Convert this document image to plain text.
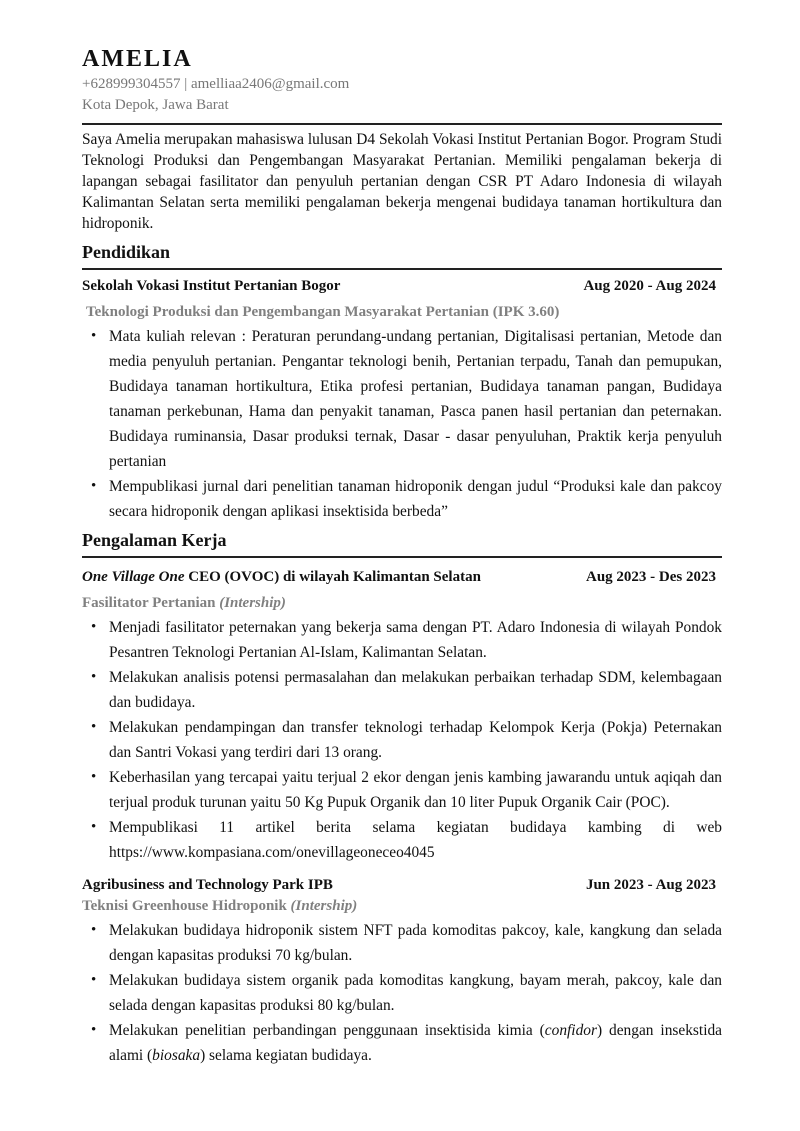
AMELIA
+628999304557 | amelliaa2406@gmail.com
Kota Depok, Jawa Barat

Saya Amelia merupakan mahasiswa lulusan D4 Sekolah Vokasi Institut Pertanian Bogor. Program Studi Teknologi Produksi dan Pengembangan Masyarakat Pertanian. Memiliki pengalaman bekerja di lapangan sebagai fasilitator dan penyuluh pertanian dengan CSR PT Adaro Indonesia di wilayah Kalimantan Selatan serta memiliki pengalaman bekerja mengenai budidaya tanaman hortikultura dan hidroponik.

Pendidikan
Sekolah Vokasi Institut Pertanian Bogor	Aug 2020 - Aug 2024
Teknologi Produksi dan Pengembangan Masyarakat Pertanian (IPK 3.60)
• Mata kuliah relevan : Peraturan perundang-undang pertanian, Digitalisasi pertanian, Metode dan media penyuluh pertanian. Pengantar teknologi benih, Pertanian terpadu, Tanah dan pemupukan, Budidaya tanaman hortikultura, Etika profesi pertanian, Budidaya tanaman pangan, Budidaya tanaman perkebunan, Hama dan penyakit tanaman, Pasca panen hasil pertanian dan peternakan. Budidaya ruminansia, Dasar produksi ternak, Dasar - dasar penyuluhan, Praktik kerja penyuluh pertanian
• Mempublikasi jurnal dari penelitian tanaman hidroponik dengan judul “Produksi kale dan pakcoy secara hidroponik dengan aplikasi insektisida berbeda”
Pengalaman Kerja
One Village One CEO (OVOC) di wilayah Kalimantan Selatan	Aug 2023 - Des 2023
Fasilitator Pertanian (Intership)
• Menjadi fasilitator peternakan yang bekerja sama dengan PT. Adaro Indonesia di wilayah Pondok Pesantren Teknologi Pertanian Al-Islam, Kalimantan Selatan.
• Melakukan analisis potensi permasalahan dan melakukan perbaikan terhadap SDM, kelembagaan dan budidaya.
• Melakukan pendampingan dan transfer teknologi terhadap Kelompok Kerja (Pokja) Peternakan dan Santri Vokasi yang terdiri dari 13 orang.
• Keberhasilan yang tercapai yaitu terjual 2 ekor dengan jenis kambing jawarandu untuk aqiqah dan terjual produk turunan yaitu 50 Kg Pupuk Organik dan 10 liter Pupuk Organik Cair (POC).
• Mempublikasi 11 artikel berita selama kegiatan budidaya kambing di web https://www.kompasiana.com/onevillageoneceo4045
Agribusiness and Technology Park IPB	Jun 2023 - Aug 2023
Teknisi Greenhouse Hidroponik (Intership)
• Melakukan budidaya hidroponik sistem NFT pada komoditas pakcoy, kale, kangkung dan selada dengan kapasitas produksi 70 kg/bulan.
• Melakukan budidaya sistem organik pada komoditas kangkung, bayam merah, pakcoy, kale dan selada dengan kapasitas produksi 80 kg/bulan.
• Melakukan penelitian perbandingan penggunaan insektisida kimia (confidor) dengan insekstida alami (biosaka) selama kegiatan budidaya.
